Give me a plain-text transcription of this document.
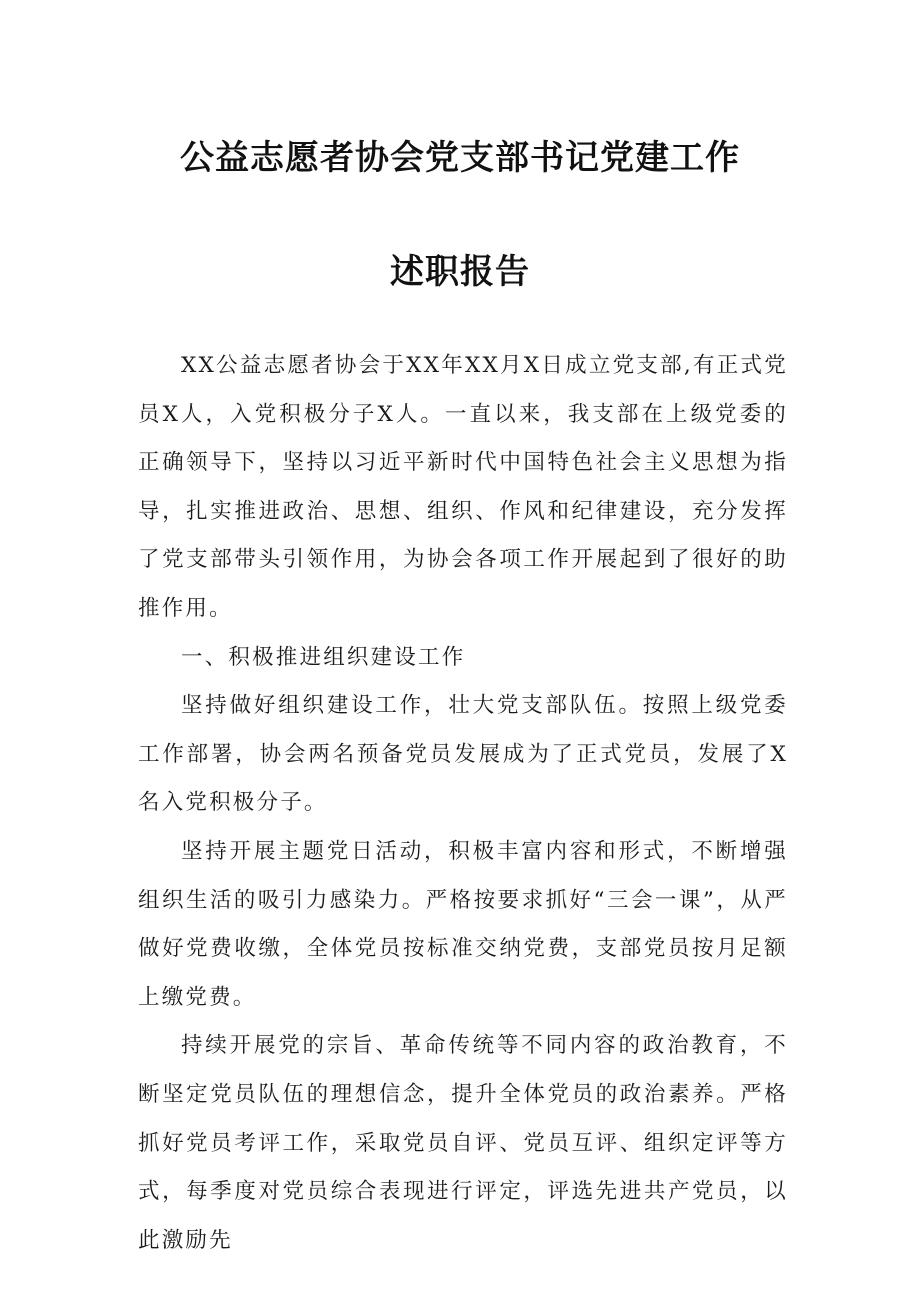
公益志愿者协会党支部书记党建工作
述职报告

XX公益志愿者协会于XX年XX月X日成立党支部,有正式党员X人，入党积极分子X人。一直以来，我支部在上级党委的正确领导下，坚持以习近平新时代中国特色社会主义思想为指导，扎实推进政治、思想、组织、作风和纪律建设，充分发挥了党支部带头引领作用，为协会各项工作开展起到了很好的助推作用。

一、积极推进组织建设工作

坚持做好组织建设工作，壮大党支部队伍。按照上级党委工作部署，协会两名预备党员发展成为了正式党员，发展了X名入党积极分子。

坚持开展主题党日活动，积极丰富内容和形式，不断增强组织生活的吸引力感染力。严格按要求抓好“三会一课”，从严做好党费收缴，全体党员按标准交纳党费，支部党员按月足额上缴党费。

持续开展党的宗旨、革命传统等不同内容的政治教育，不断坚定党员队伍的理想信念，提升全体党员的政治素养。严格抓好党员考评工作，采取党员自评、党员互评、组织定评等方式，每季度对党员综合表现进行评定，评选先进共产党员，以此激励先
